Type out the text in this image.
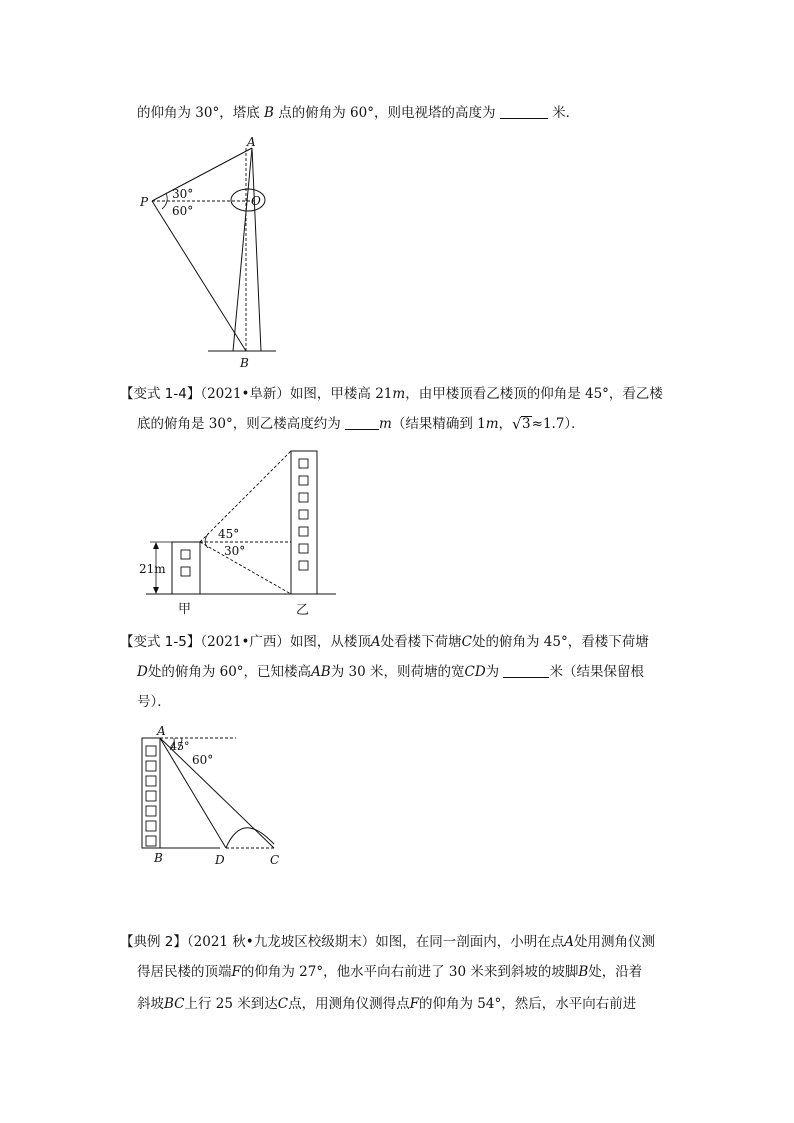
的仰角为 30°，塔底 B 点的俯角为 60°，则电视塔的高度为	米．
A
P	O
B
30°
60°
【变式 1-4】（2021•阜新）如图，甲楼高 21m，由甲楼顶看乙楼顶的仰角是 45°，看乙楼
底的俯角是 30°，则乙楼高度约为	m（结果精确到 1m， √ 3≈1.7）．
45°
30°
21m
甲	乙
【变式 1-5】（2021•广西）如图，从楼顶A处看楼下荷塘C处的俯角为 45°，看楼下荷塘
D处的俯角为 60°，已知楼高AB为 30 米，则荷塘的宽CD为	米（结果保留根
号）．
A
45°
60°
B	D	C
【典例 2】（2021 秋•九龙坡区校级期末）如图，在同一剖面内，小明在点A处用测角仪测
得居民楼的顶端F的仰角为 27°，他水平向右前进了 30 米来到斜坡的坡脚B处，沿着
斜坡BC上行 25 米到达C点，用测角仪测得点F的仰角为 54°，然后，水平向右前进
